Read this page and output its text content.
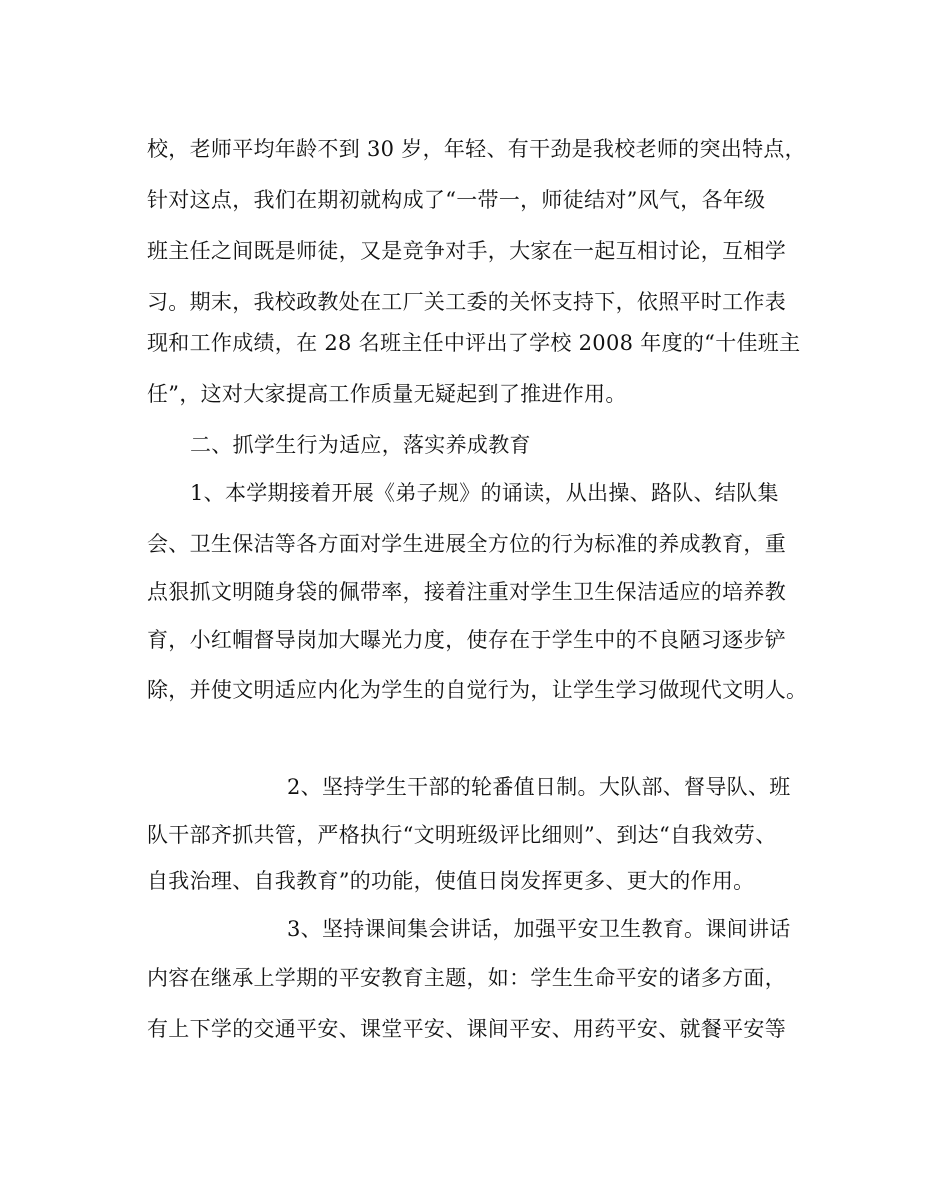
校，老师平均年龄不到 30 岁，年轻、有干劲是我校老师的突出特点，
针对这点，我们在期初就构成了“一带一，师徒结对”风气，各年级
班主任之间既是师徒，又是竞争对手，大家在一起互相讨论，互相学
习。期末，我校政教处在工厂关工委的关怀支持下，依照平时工作表
现和工作成绩，在 28 名班主任中评出了学校 2008 年度的“十佳班主
任”，这对大家提高工作质量无疑起到了推进作用。
二、抓学生行为适应，落实养成教育
1、本学期接着开展《弟子规》的诵读，从出操、路队、结队集
会、卫生保洁等各方面对学生进展全方位的行为标准的养成教育，重
点狠抓文明随身袋的佩带率，接着注重对学生卫生保洁适应的培养教
育，小红帽督导岗加大曝光力度，使存在于学生中的不良陋习逐步铲
除，并使文明适应内化为学生的自觉行为，让学生学习做现代文明人。
2、坚持学生干部的轮番值日制。大队部、督导队、班
队干部齐抓共管，严格执行“文明班级评比细则”、到达“自我效劳、
自我治理、自我教育”的功能，使值日岗发挥更多、更大的作用。
3、坚持课间集会讲话，加强平安卫生教育。课间讲话
内容在继承上学期的平安教育主题，如：学生生命平安的诸多方面，
有上下学的交通平安、课堂平安、课间平安、用药平安、就餐平安等
